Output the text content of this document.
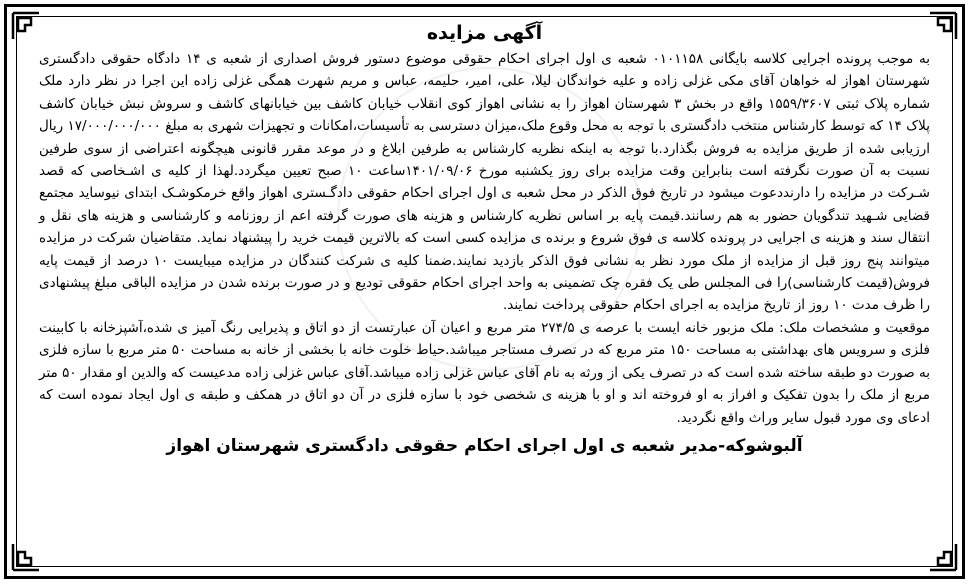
آگهی مزایده

به موجب پرونده اجرایی کلاسه بایگانی ۰۱۰۱۱۵۸ شعبه ی اول اجرای احکام حقوقی موضوع دستور فروش اصداری از شعبه ی ۱۴ دادگاه حقوقی دادگستری شهرستان اهواز له خواهان آقای مکی غزلی زاده و علیه خواندگان لیلا، علی، امیر، حلیمه، عباس و مریم شهرت همگی غزلی زاده این اجرا در نظر دارد ملک شماره پلاک ثبتی ۱۵۵۹/۳۶۰۷ واقع در بخش ۳ شهرستان اهواز را به نشانی اهواز کوی انقلاب خیابان کاشف بین خیابانهای کاشف و سروش نبش خیابان کاشف پلاک ۱۴ که توسط کارشناس منتخب دادگستری با توجه به محل وقوع ملک،میزان دسترسی به تأسیسات،امکانات و تجهیزات شهری به مبلغ ۱۷/۰۰۰/۰۰۰/۰۰۰ ریال ارزیابی شده از طریق مزایده به فروش بگذارد.با توجه به اینکه نظریه کارشناس به طرفین ابلاغ و در موعد مقرر قانونی هیچگونه اعتراضی از سوی طرفین نسبت به آن صورت نگرفته است بنابراین وقت مزایده برای روز یکشنبه مورخ ۱۴۰۱/۰۹/۰۶ساعت ۱۰ صبح تعیین میگردد.لهذا از کلیه ی اشـخاصی که قصد شـرکت در مزایده را دارنددعوت میشود در تاریخ فوق الذکر در محل شعبه ی اول اجرای احکام حقوقی دادگـستری اهواز واقع خرمکوشـک ابتدای نیوساید مجتمع قضایی شـهید تندگویان حضور به هم رسانند.قیمت پایه بر اساس نظریه کارشناس و هزینه های صورت گرفته اعم از روزنامه و کارشناسی و هزینه های نقل و انتقال سند و هزینه ی اجرایی در پرونده کلاسه ی فوق شروع و برنده ی مزایده کسی است که بالاترین قیمت خرید را پیشنهاد نماید. متقاضیان شرکت در مزایده میتوانند پنج روز قبل از مزایده از ملک مورد نظر به نشانی فوق الذکر بازدید نمایند.ضمنا کلیه ی شرکت کنندگان در مزایده میبایست ۱۰ درصد از قیمت پایه فروش(قیمت کارشناسی)را فی المجلس طی یک فقره چک تضمینی به واحد اجرای احکام حقوقی تودیع و در صورت برنده شدن در مزایده الباقی مبلغ پیشنهادی را ظرف مدت ۱۰ روز از تاریخ مزایده به اجرای احکام حقوقی پرداخت نمایند.

موقعیت و مشخصات ملک: ملک مزبور خانه ایست با عرصه ی ۲۷۴/۵ متر مربع و اعیان آن عبارتست از دو اتاق و پذیرایی رنگ آمیز ی شده،آشپزخانه با کابینت فلزی و سرویس های بهداشتی به مساحت ۱۵۰ متر مربع که در تصرف مستاجر میباشد.حیاط خلوت خانه با بخشی از خانه به مساحت ۵۰ متر مربع با سازه فلزی به صورت دو طبقه ساخته شده است که در تصرف یکی از ورثه به نام آقای عباس غزلی زاده میباشد.آقای عباس غزلی زاده مدعیست که والدین او مقدار ۵۰ متر مربع از ملک را بدون تفکیک و افراز به او فروخته اند و او با هزینه ی شخصی خود با سازه فلزی در آن دو اتاق در همکف و طبقه ی اول ایجاد نموده است که ادعای وی مورد قبول سایر وراث واقع نگردید.

آلبوشوکه-مدیر شعبه ی اول اجرای احکام حقوقی دادگستری شهرستان اهواز
